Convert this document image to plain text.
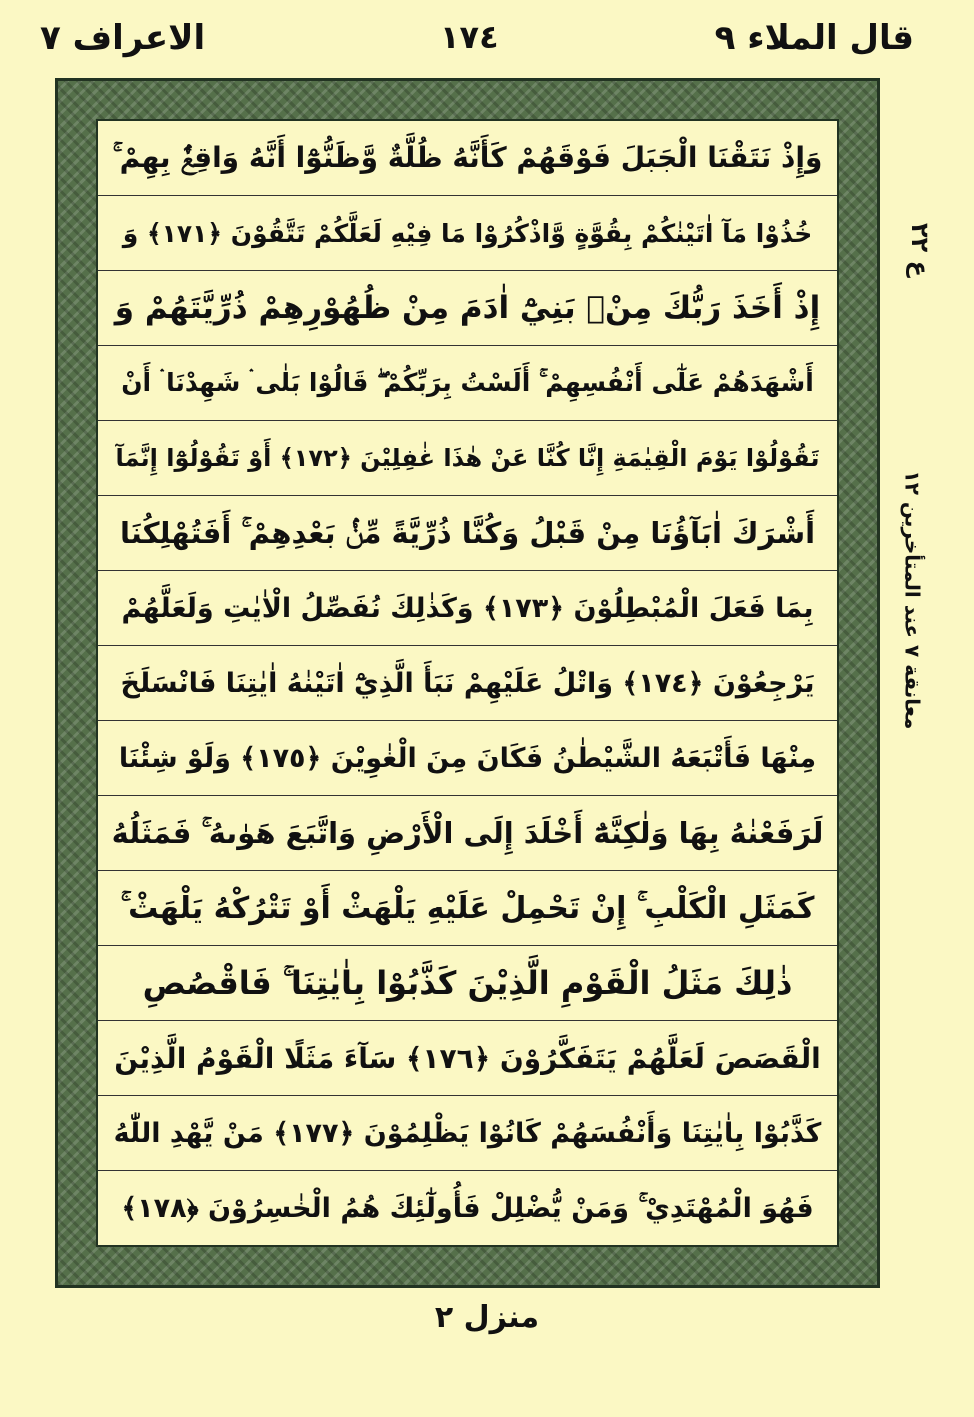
الاعراف ٧	١٧٤	قال الملاء ٩
وَإِذْ نَتَقْنَا الْجَبَلَ فَوْقَهُمْ كَأَنَّهُ ظُلَّةٌ وَّظَنُّوْٓا أَنَّهُ وَاقِعٌۢ بِهِمْ ۚ
خُذُوْا مَآ اٰتَيْنٰكُمْ بِقُوَّةٍ وَّاذْكُرُوْا مَا فِيْهِ لَعَلَّكُمْ تَتَّقُوْنَ ﴿١٧١﴾ وَ
إِذْ أَخَذَ رَبُّكَ مِنْۢ بَنِيْٓ اٰدَمَ مِنْ ظُهُوْرِهِمْ ذُرِّيَّتَهُمْ وَ
أَشْهَدَهُمْ عَلٰٓى أَنْفُسِهِمْ ۚ أَلَسْتُ بِرَبِّكُمْ ۖ قَالُوْا بَلٰى ۛ شَهِدْنَا ۛ أَنْ
تَقُوْلُوْا يَوْمَ الْقِيٰمَةِ إِنَّا كُنَّا عَنْ هٰذَا غٰفِلِيْنَ ﴿١٧٢﴾ أَوْ تَقُوْلُوْٓا إِنَّمَآ
أَشْرَكَ اٰبَآؤُنَا مِنْ قَبْلُ وَكُنَّا ذُرِّيَّةً مِّنْۢ بَعْدِهِمْ ۚ أَفَتُهْلِكُنَا
بِمَا فَعَلَ الْمُبْطِلُوْنَ ﴿١٧٣﴾ وَكَذٰلِكَ نُفَصِّلُ الْاٰيٰتِ وَلَعَلَّهُمْ
يَرْجِعُوْنَ ﴿١٧٤﴾ وَاتْلُ عَلَيْهِمْ نَبَأَ الَّذِيْٓ اٰتَيْنٰهُ اٰيٰتِنَا فَانْسَلَخَ
مِنْهَا فَأَتْبَعَهُ الشَّيْطٰنُ فَكَانَ مِنَ الْغٰوِيْنَ ﴿١٧٥﴾ وَلَوْ شِئْنَا
لَرَفَعْنٰهُ بِهَا وَلٰكِنَّهُٓ أَخْلَدَ إِلَى الْأَرْضِ وَاتَّبَعَ هَوٰىهُ ۚ فَمَثَلُهُ
كَمَثَلِ الْكَلْبِ ۚ إِنْ تَحْمِلْ عَلَيْهِ يَلْهَثْ أَوْ تَتْرُكْهُ يَلْهَثْ ۚ
ذٰلِكَ مَثَلُ الْقَوْمِ الَّذِيْنَ كَذَّبُوْا بِاٰيٰتِنَا ۚ فَاقْصُصِ
الْقَصَصَ لَعَلَّهُمْ يَتَفَكَّرُوْنَ ﴿١٧٦﴾ سَآءَ مَثَلًا الْقَوْمُ الَّذِيْنَ
كَذَّبُوْا بِاٰيٰتِنَا وَأَنْفُسَهُمْ كَانُوْا يَظْلِمُوْنَ ﴿١٧٧﴾ مَنْ يَّهْدِ اللّٰهُ
فَهُوَ الْمُهْتَدِيْ ۚ وَمَنْ يُّضْلِلْ فَأُولٰٓئِكَ هُمُ الْخٰسِرُوْنَ ﴿١٧٨﴾
ع ٢٢
معانقة ٧ عند المتأخرين ١٢
منزل ٢
